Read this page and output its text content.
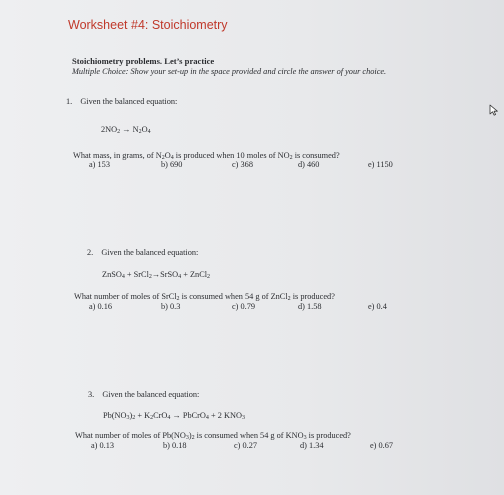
Worksheet #4: Stoichiometry
Stoichiometry problems. Let’s practice
Multiple Choice: Show your set-up in the space provided and circle the answer of your choice.
1. Given the balanced equation:
$2NO_2 \to N_2O_4$
What mass, in grams, of $N_2O_4$ is produced when 10 moles of $NO_2$ is consumed?
a) 153	b) 690	c) 368	d) 460	e) 1150
2. Given the balanced equation:
ZnSO$_4$ + SrCl$_2$→SrSO$_4$ + ZnCl$_2$
What number of moles of SrCl$_2$ is consumed when 54 g of ZnCl$_2$ is produced?
a) 0.16	b) 0.3	c) 0.79	d) 1.58	e) 0.4
3. Given the balanced equation:
$Pb(NO_3)_2 + K_2CrO_4$ → PbCrO$_4$ + 2 $KNO_3$
What number of moles of $Pb(NO_3)_2$ is consumed when 54 g of $KNO_3$ is produced?
a) 0.13	b) 0.18	c) 0.27	d) 1.34	e) 0.67
